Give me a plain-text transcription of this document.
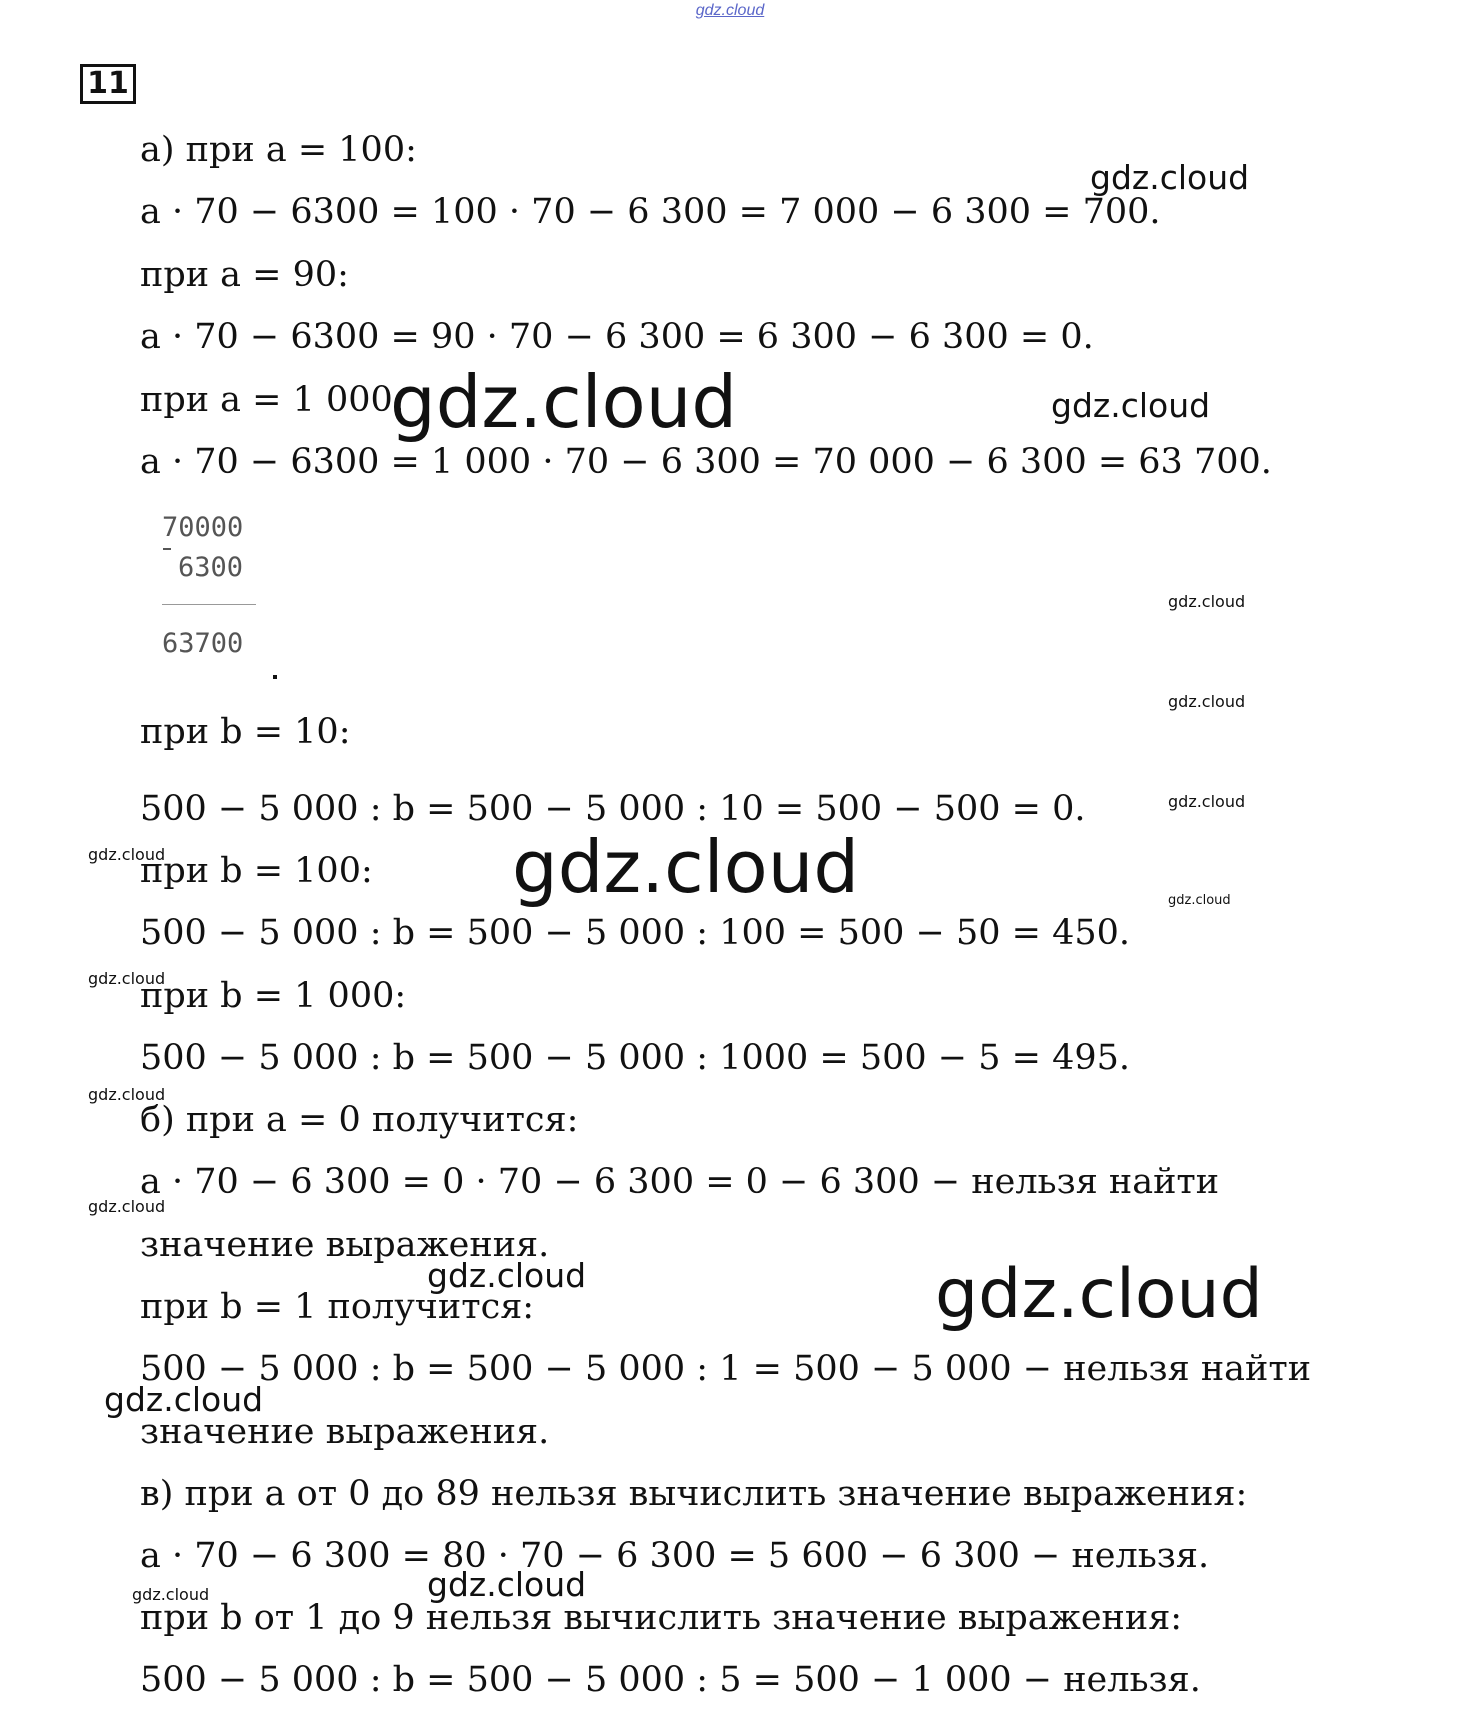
gdz.cloud
11
а) при a = 100:
a · 70 − 6300 = 100 · 70 − 6 300 = 7 000 − 6 300 = 700.
при a = 90:
a · 70 − 6300 = 90 · 70 − 6 300 = 6 300 − 6 300 = 0.
при a = 1 000:
a · 70 − 6300 = 1 000 · 70 − 6 300 = 70 000 − 6 300 = 63 700.
70000
6300
63700
при b = 10:
500 − 5 000 : b = 500 − 5 000 : 10 = 500 − 500 = 0.
при b = 100:
500 − 5 000 : b = 500 − 5 000 : 100 = 500 − 50 = 450.
при b = 1 000:
500 − 5 000 : b = 500 − 5 000 : 1000 = 500 − 5 = 495.
б) при a = 0 получится:
a · 70 − 6 300 = 0 · 70 − 6 300 = 0 − 6 300 − нельзя найти
значение выражения.
при b = 1 получится:
500 − 5 000 : b = 500 − 5 000 : 1 = 500 − 5 000 − нельзя найти
значение выражения.
в) при a от 0 до 89 нельзя вычислить значение выражения:
a · 70 − 6 300 = 80 · 70 − 6 300 = 5 600 − 6 300 − нельзя.
при b от 1 до 9 нельзя вычислить значение выражения:
500 − 5 000 : b = 500 − 5 000 : 5 = 500 − 1 000 − нельзя.
gdz.cloud
gdz.cloud	gdz.cloud
gdz.cloud
gdz.cloud
gdz.cloud
gdz.cloud	gdz.cloud	gdz.cloud
gdz.cloud
gdz.cloud
gdz.cloud
gdz.cloud	gdz.cloud
gdz.cloud
gdz.cloud
gdz.cloud
